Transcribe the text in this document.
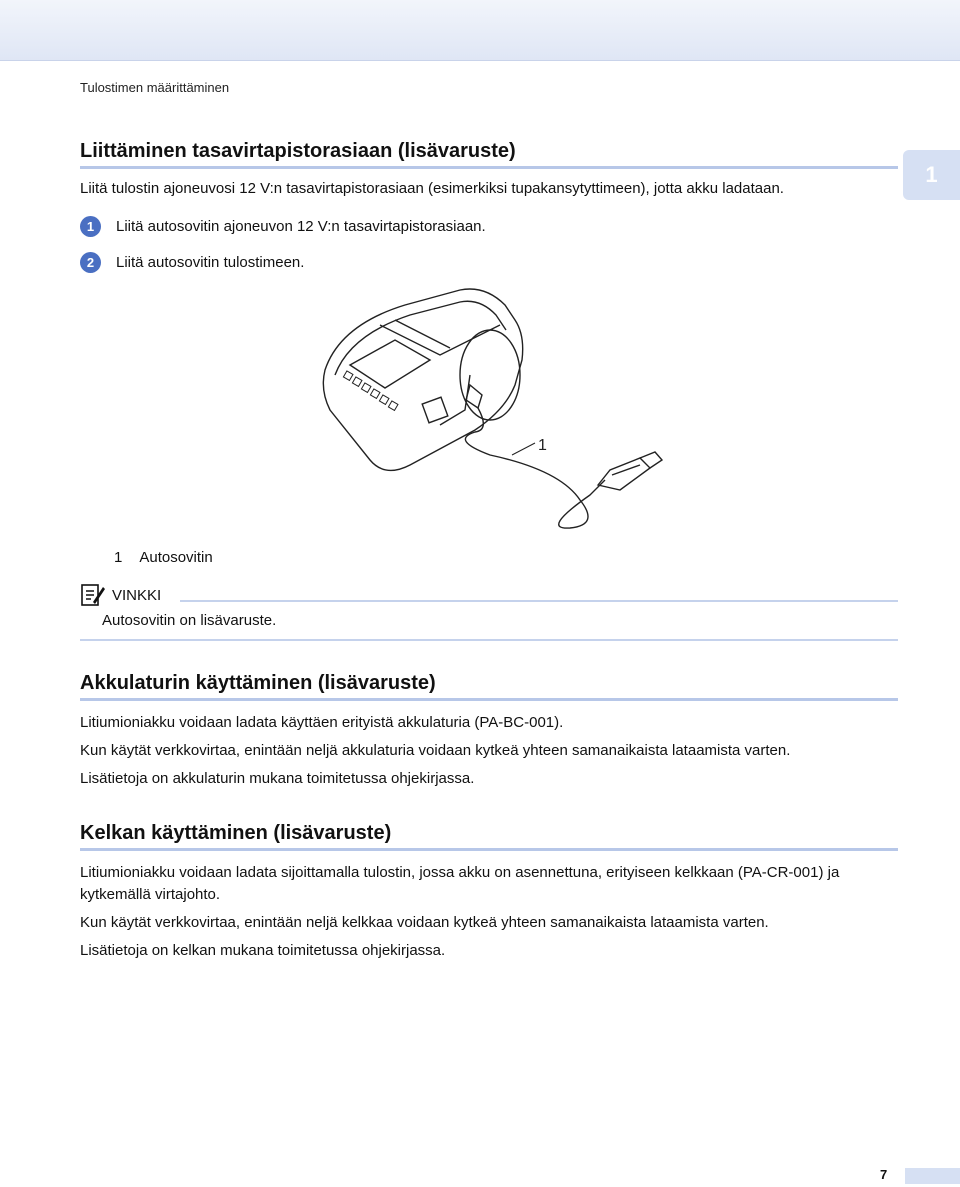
Tulostimen määrittäminen
1
Liittäminen tasavirtapistorasiaan (lisävaruste)
Liitä tulostin ajoneuvosi 12 V:n tasavirtapistorasiaan (esimerkiksi tupakansytyttimeen), jotta akku ladataan.
1	Liitä autosovitin ajoneuvon 12 V:n tasavirtapistorasiaan.
2	Liitä autosovitin tulostimeen.
1
1 Autosovitin
VINKKI
Autosovitin on lisävaruste.
Akkulaturin käyttäminen (lisävaruste)
Litiumioniakku voidaan ladata käyttäen erityistä akkulaturia (PA-BC-001).
Kun käytät verkkovirtaa, enintään neljä akkulaturia voidaan kytkeä yhteen samanaikaista lataamista varten.
Lisätietoja on akkulaturin mukana toimitetussa ohjekirjassa.
Kelkan käyttäminen (lisävaruste)
Litiumioniakku voidaan ladata sijoittamalla tulostin, jossa akku on asennettuna, erityiseen kelkkaan (PA-CR-001) ja kytkemällä virtajohto.
Kun käytät verkkovirtaa, enintään neljä kelkkaa voidaan kytkeä yhteen samanaikaista lataamista varten.
Lisätietoja on kelkan mukana toimitetussa ohjekirjassa.
7
